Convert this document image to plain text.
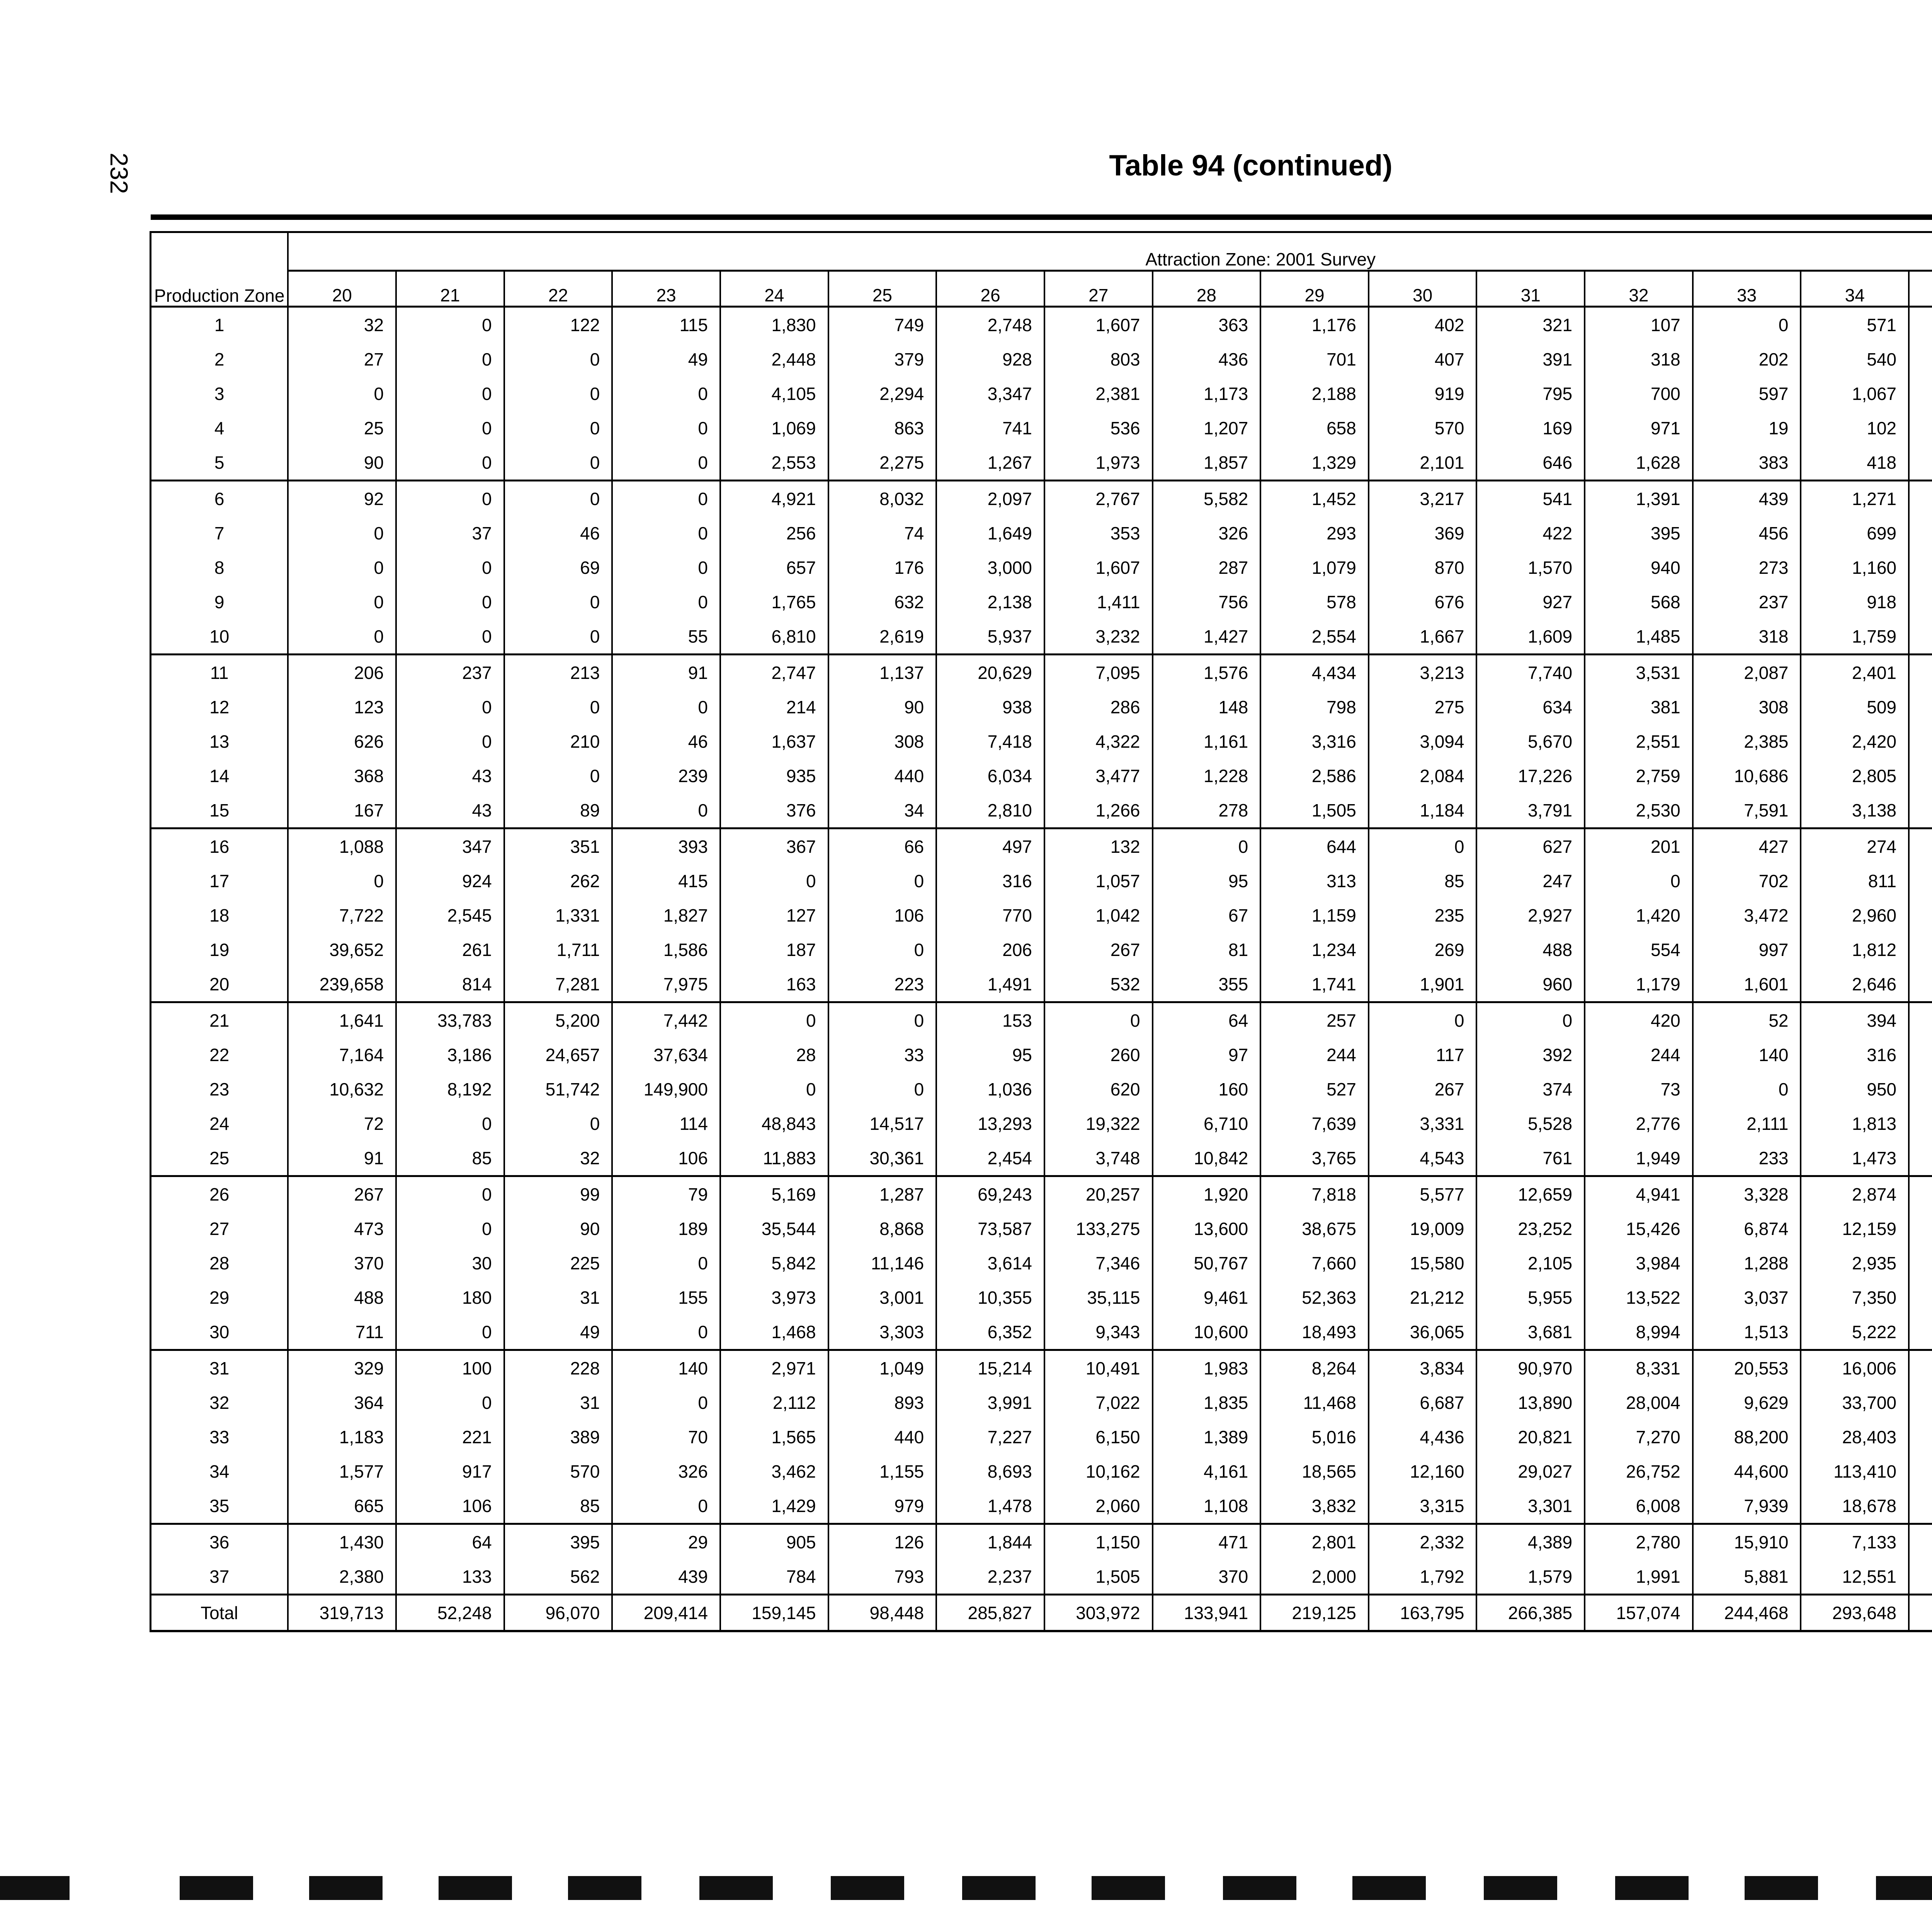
232	Table 94 (continued)
Production Zone	Attraction Zone: 2001 Survey	
	20	21	22	23	24	25	26	27	28	29	30	31	32	33	34			
1	32	0	122	115	1,830	749	2,748	1,607	363	1,176	402	321	107	0	571				
2	27	0	0	49	2,448	379	928	803	436	701	407	391	318	202	540				
3	0	0	0	0	4,105	2,294	3,347	2,381	1,173	2,188	919	795	700	597	1,067				
4	25	0	0	0	1,069	863	741	536	1,207	658	570	169	971	19	102				
5	90	0	0	0	2,553	2,275	1,267	1,973	1,857	1,329	2,101	646	1,628	383	418				
6	92	0	0	0	4,921	8,032	2,097	2,767	5,582	1,452	3,217	541	1,391	439	1,271				
7	0	37	46	0	256	74	1,649	353	326	293	369	422	395	456	699				
8	0	0	69	0	657	176	3,000	1,607	287	1,079	870	1,570	940	273	1,160				
9	0	0	0	0	1,765	632	2,138	1,411	756	578	676	927	568	237	918				
10	0	0	0	55	6,810	2,619	5,937	3,232	1,427	2,554	1,667	1,609	1,485	318	1,759				
11	206	237	213	91	2,747	1,137	20,629	7,095	1,576	4,434	3,213	7,740	3,531	2,087	2,401				
12	123	0	0	0	214	90	938	286	148	798	275	634	381	308	509				
13	626	0	210	46	1,637	308	7,418	4,322	1,161	3,316	3,094	5,670	2,551	2,385	2,420				
14	368	43	0	239	935	440	6,034	3,477	1,228	2,586	2,084	17,226	2,759	10,686	2,805				
15	167	43	89	0	376	34	2,810	1,266	278	1,505	1,184	3,791	2,530	7,591	3,138				
16	1,088	347	351	393	367	66	497	132	0	644	0	627	201	427	274				
17	0	924	262	415	0	0	316	1,057	95	313	85	247	0	702	811				
18	7,722	2,545	1,331	1,827	127	106	770	1,042	67	1,159	235	2,927	1,420	3,472	2,960				
19	39,652	261	1,711	1,586	187	0	206	267	81	1,234	269	488	554	997	1,812				
20	239,658	814	7,281	7,975	163	223	1,491	532	355	1,741	1,901	960	1,179	1,601	2,646				
21	1,641	33,783	5,200	7,442	0	0	153	0	64	257	0	0	420	52	394				
22	7,164	3,186	24,657	37,634	28	33	95	260	97	244	117	392	244	140	316				
23	10,632	8,192	51,742	149,900	0	0	1,036	620	160	527	267	374	73	0	950				
24	72	0	0	114	48,843	14,517	13,293	19,322	6,710	7,639	3,331	5,528	2,776	2,111	1,813				
25	91	85	32	106	11,883	30,361	2,454	3,748	10,842	3,765	4,543	761	1,949	233	1,473				
26	267	0	99	79	5,169	1,287	69,243	20,257	1,920	7,818	5,577	12,659	4,941	3,328	2,874				
27	473	0	90	189	35,544	8,868	73,587	133,275	13,600	38,675	19,009	23,252	15,426	6,874	12,159				
28	370	30	225	0	5,842	11,146	3,614	7,346	50,767	7,660	15,580	2,105	3,984	1,288	2,935				
29	488	180	31	155	3,973	3,001	10,355	35,115	9,461	52,363	21,212	5,955	13,522	3,037	7,350				
30	711	0	49	0	1,468	3,303	6,352	9,343	10,600	18,493	36,065	3,681	8,994	1,513	5,222				
31	329	100	228	140	2,971	1,049	15,214	10,491	1,983	8,264	3,834	90,970	8,331	20,553	16,006				
32	364	0	31	0	2,112	893	3,991	7,022	1,835	11,468	6,687	13,890	28,004	9,629	33,700				
33	1,183	221	389	70	1,565	440	7,227	6,150	1,389	5,016	4,436	20,821	7,270	88,200	28,403				
34	1,577	917	570	326	3,462	1,155	8,693	10,162	4,161	18,565	12,160	29,027	26,752	44,600	113,410				
35	665	106	85	0	1,429	979	1,478	2,060	1,108	3,832	3,315	3,301	6,008	7,939	18,678				
36	1,430	64	395	29	905	126	1,844	1,150	471	2,801	2,332	4,389	2,780	15,910	7,133				
37	2,380	133	562	439	784	793	2,237	1,505	370	2,000	1,792	1,579	1,991	5,881	12,551				
Total	319,713	52,248	96,070	209,414	159,145	98,448	285,827	303,972	133,941	219,125	163,795	266,385	157,074	244,468	293,648				
